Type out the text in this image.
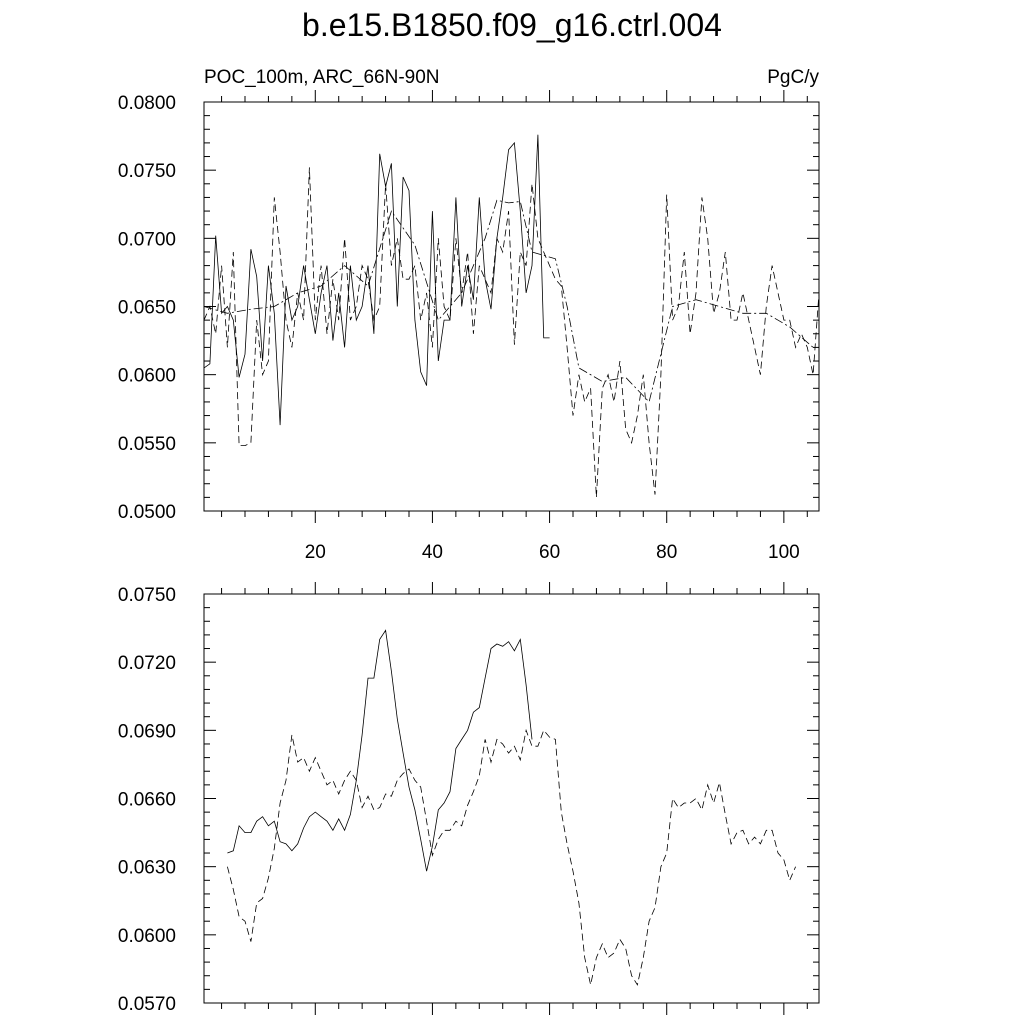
b.e15.B1850.f09_g16.ctrl.004
POC_100m, ARC_66N-90N	PgC/y
0.0500
0.0550
0.0600
0.0650
0.0700
0.0750
0.0800
20	40	60	80	100
0.0570
0.0600
0.0630
0.0660
0.0690
0.0720
0.0750
